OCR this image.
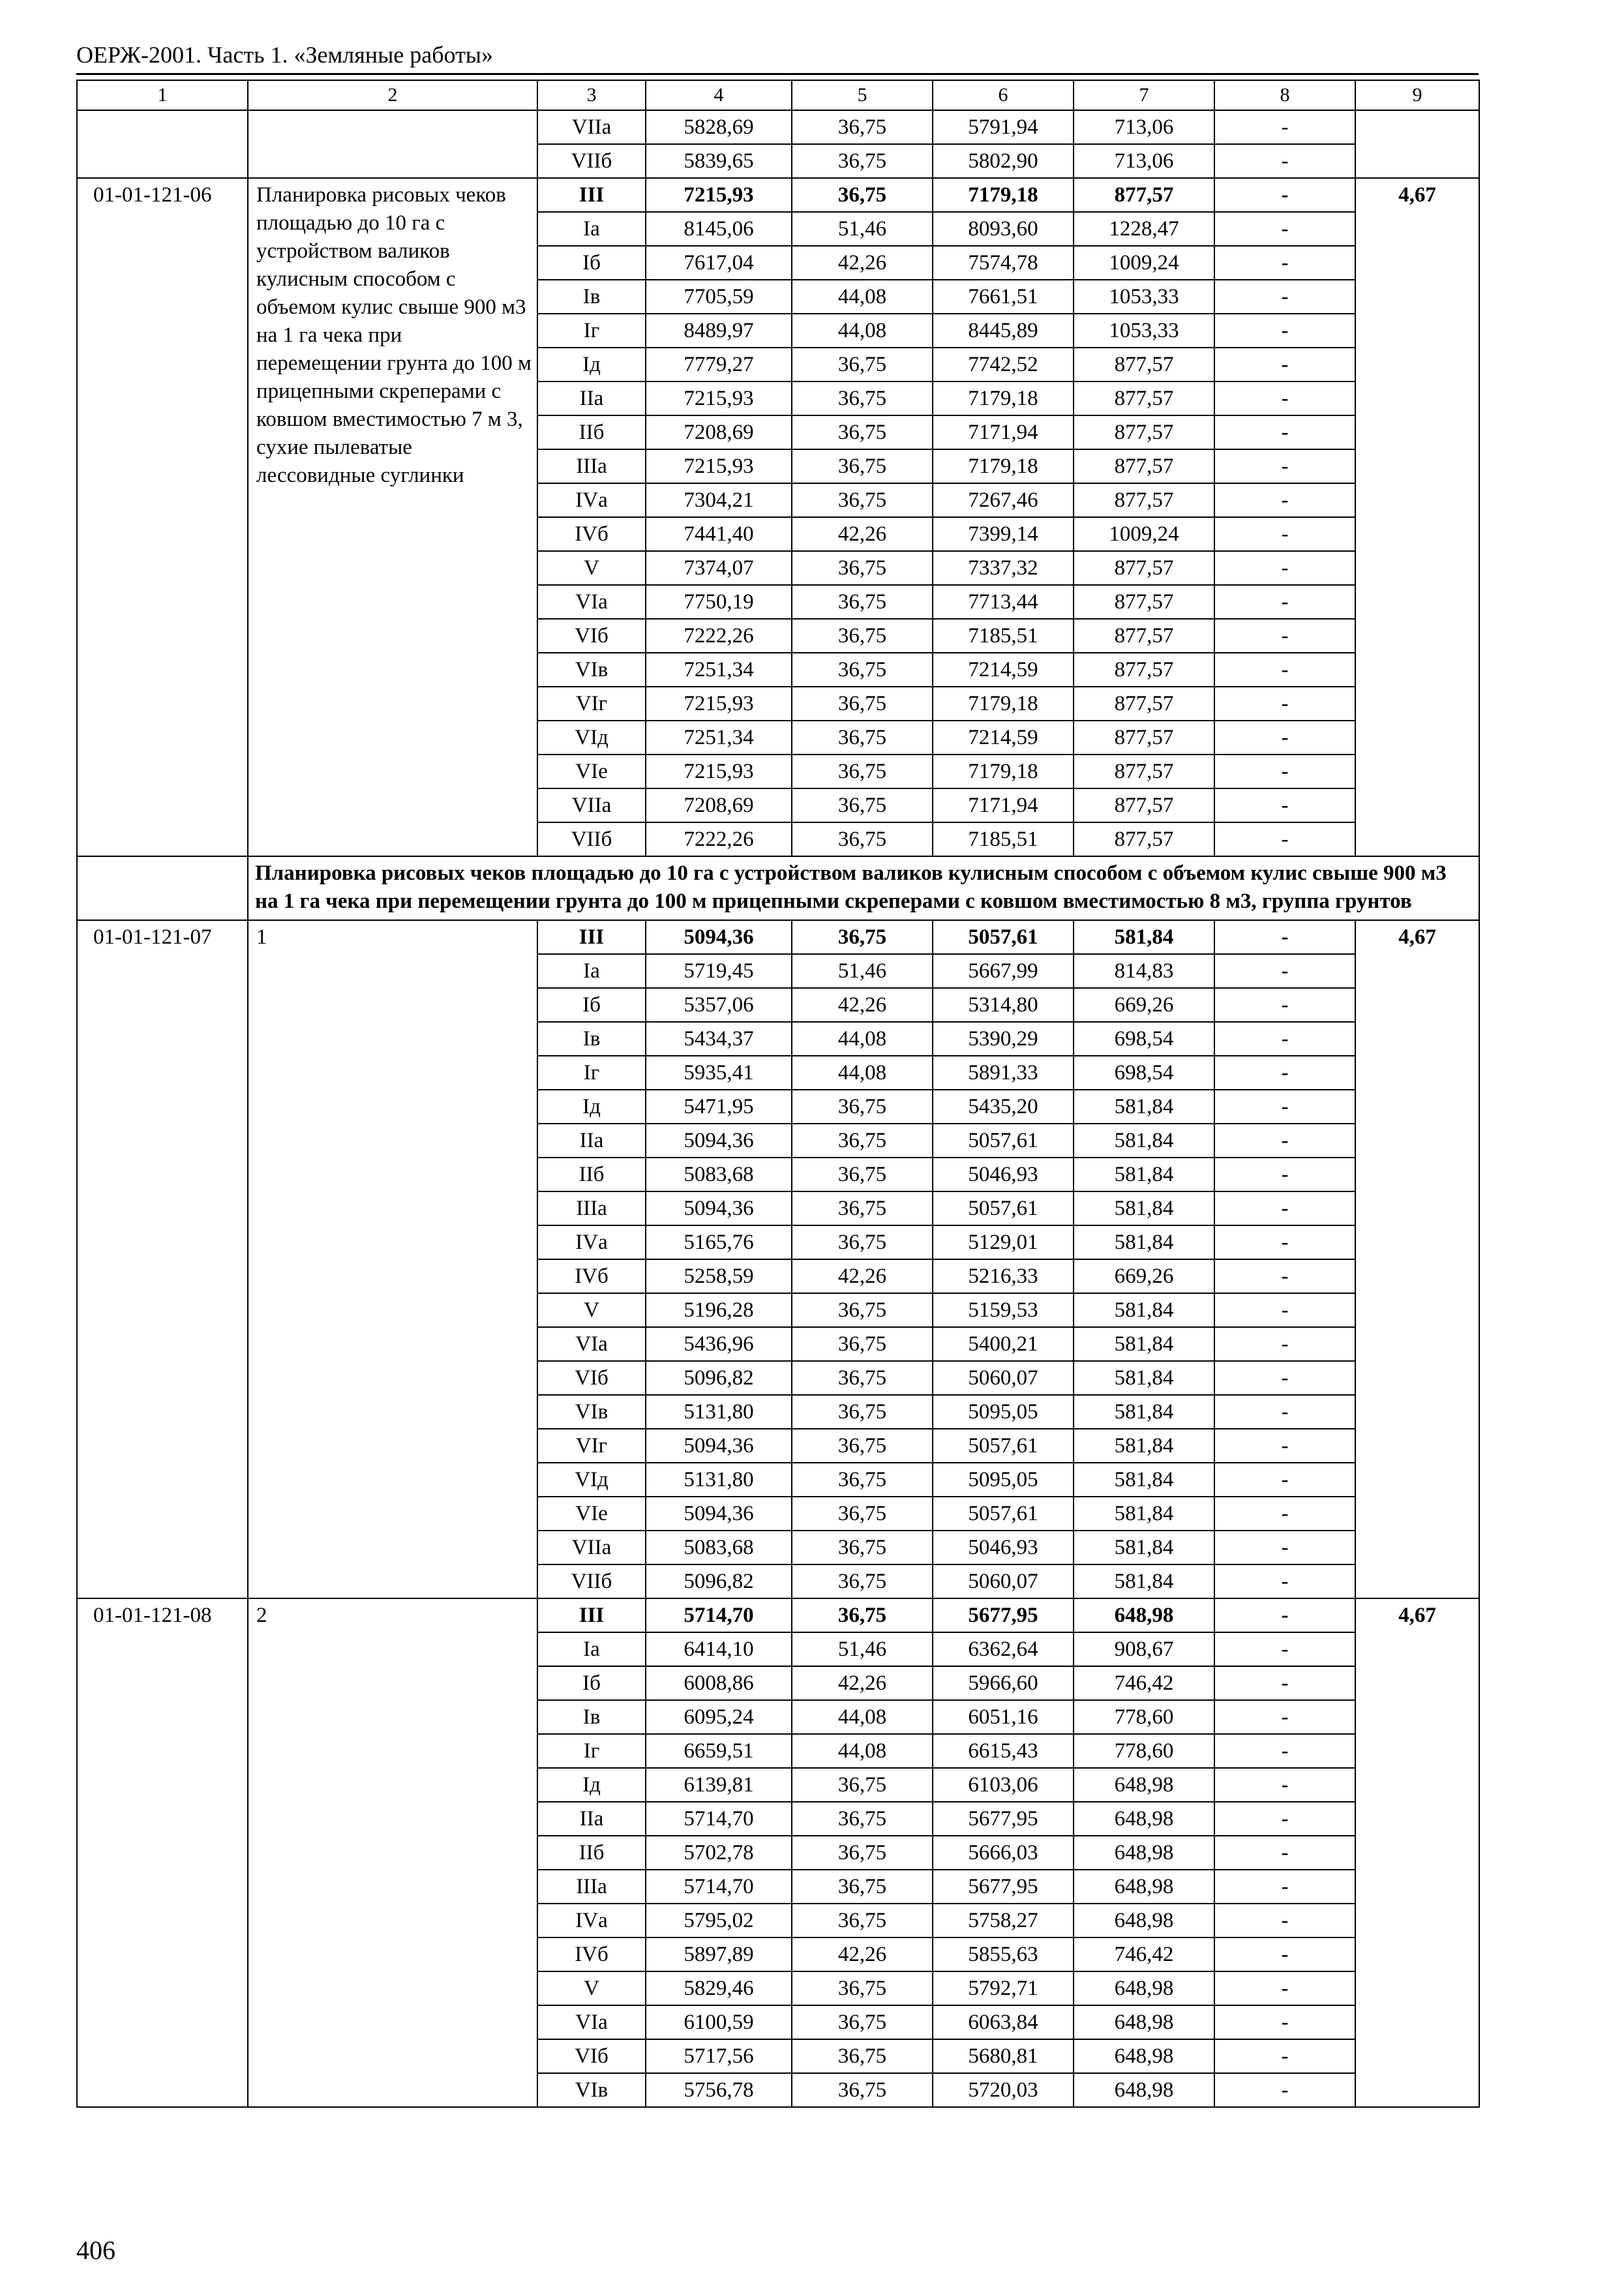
ОЕРЖ-2001. Часть 1. «Земляные работы»
1	2	3	4	5	6	7	8	9
		VIIа	5828,69	36,75	5791,94	713,06	-	
		VIIб	5839,65	36,75	5802,90	713,06	-	
01-01-121-06	Планировка рисовых чеков площадью до 10 га с устройством валиков кулисным способом с объемом кулис свыше 900 м3 на 1 га чека при перемещении грунта до 100 м прицепными скреперами с ковшом вместимостью 7 м 3, сухие пылеватые лессовидные суглинки	III	7215,93	36,75	7179,18	877,57	-	4,67
		Iа	8145,06	51,46	8093,60	1228,47	-	
		Iб	7617,04	42,26	7574,78	1009,24	-	
		Iв	7705,59	44,08	7661,51	1053,33	-	
		Iг	8489,97	44,08	8445,89	1053,33	-	
		Iд	7779,27	36,75	7742,52	877,57	-	
		IIа	7215,93	36,75	7179,18	877,57	-	
		IIб	7208,69	36,75	7171,94	877,57	-	
		IIIа	7215,93	36,75	7179,18	877,57	-	
		IVа	7304,21	36,75	7267,46	877,57	-	
		IVб	7441,40	42,26	7399,14	1009,24	-	
		V	7374,07	36,75	7337,32	877,57	-	
		VIа	7750,19	36,75	7713,44	877,57	-	
		VIб	7222,26	36,75	7185,51	877,57	-	
		VIв	7251,34	36,75	7214,59	877,57	-	
		VIг	7215,93	36,75	7179,18	877,57	-	
		VIд	7251,34	36,75	7214,59	877,57	-	
		VIе	7215,93	36,75	7179,18	877,57	-	
		VIIа	7208,69	36,75	7171,94	877,57	-	
		VIIб	7222,26	36,75	7185,51	877,57	-	
	Планировка рисовых чеков площадью до 10 га с устройством валиков кулисным способом с объемом кулис свыше 900 м3 на 1 га чека при перемещении грунта до 100 м прицепными скреперами с ковшом вместимостью 8 м3, группа грунтов							
01-01-121-07	1	III	5094,36	36,75	5057,61	581,84	-	4,67
		Iа	5719,45	51,46	5667,99	814,83	-	
		Iб	5357,06	42,26	5314,80	669,26	-	
		Iв	5434,37	44,08	5390,29	698,54	-	
		Iг	5935,41	44,08	5891,33	698,54	-	
		Iд	5471,95	36,75	5435,20	581,84	-	
		IIа	5094,36	36,75	5057,61	581,84	-	
		IIб	5083,68	36,75	5046,93	581,84	-	
		IIIа	5094,36	36,75	5057,61	581,84	-	
		IVа	5165,76	36,75	5129,01	581,84	-	
		IVб	5258,59	42,26	5216,33	669,26	-	
		V	5196,28	36,75	5159,53	581,84	-	
		VIа	5436,96	36,75	5400,21	581,84	-	
		VIб	5096,82	36,75	5060,07	581,84	-	
		VIв	5131,80	36,75	5095,05	581,84	-	
		VIг	5094,36	36,75	5057,61	581,84	-	
		VIд	5131,80	36,75	5095,05	581,84	-	
		VIе	5094,36	36,75	5057,61	581,84	-	
		VIIа	5083,68	36,75	5046,93	581,84	-	
		VIIб	5096,82	36,75	5060,07	581,84	-	
01-01-121-08	2	III	5714,70	36,75	5677,95	648,98	-	4,67
		Iа	6414,10	51,46	6362,64	908,67	-	
		Iб	6008,86	42,26	5966,60	746,42	-	
		Iв	6095,24	44,08	6051,16	778,60	-	
		Iг	6659,51	44,08	6615,43	778,60	-	
		Iд	6139,81	36,75	6103,06	648,98	-	
		IIа	5714,70	36,75	5677,95	648,98	-	
		IIб	5702,78	36,75	5666,03	648,98	-	
		IIIа	5714,70	36,75	5677,95	648,98	-	
		IVа	5795,02	36,75	5758,27	648,98	-	
		IVб	5897,89	42,26	5855,63	746,42	-	
		V	5829,46	36,75	5792,71	648,98	-	
		VIа	6100,59	36,75	6063,84	648,98	-	
		VIб	5717,56	36,75	5680,81	648,98	-	
		VIв	5756,78	36,75	5720,03	648,98	-	
406
